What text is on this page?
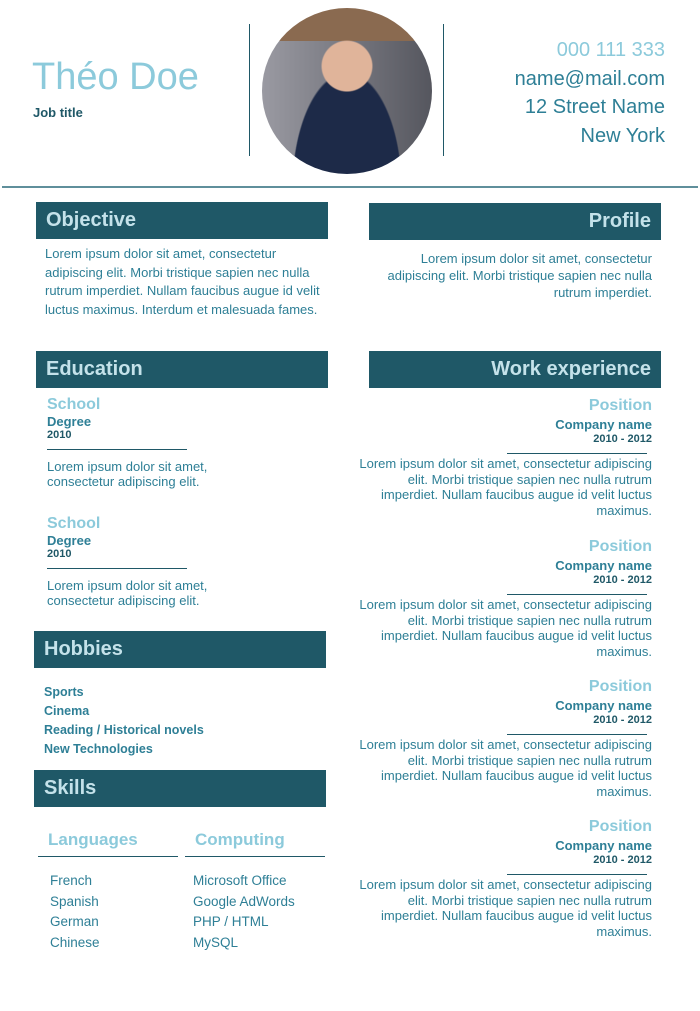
Théo Doe
Job title
000 111 333
name@mail.com
12 Street Name
New York
Objective
Lorem ipsum dolor sit amet, consectetur adipiscing elit. Morbi tristique sapien nec nulla rutrum imperdiet. Nullam faucibus augue id velit luctus maximus. Interdum et malesuada fames.
Profile
Lorem ipsum dolor sit amet, consectetur adipiscing elit. Morbi tristique sapien nec nulla rutrum imperdiet.
Education
School
Degree
2010
Lorem ipsum dolor sit amet, consectetur adipiscing elit.
School
Degree
2010
Lorem ipsum dolor sit amet, consectetur adipiscing elit.
Hobbies
Sports
Cinema
Reading / Historical novels
New Technologies
Skills
Languages
French
Spanish
German
Chinese
Computing
Microsoft Office
Google AdWords
PHP / HTML
MySQL
Work experience
Position
Company name
2010 - 2012
Lorem ipsum dolor sit amet, consectetur adipiscing elit. Morbi tristique sapien nec nulla rutrum imperdiet. Nullam faucibus augue id velit luctus maximus.
Position
Company name
2010 - 2012
Lorem ipsum dolor sit amet, consectetur adipiscing elit. Morbi tristique sapien nec nulla rutrum imperdiet. Nullam faucibus augue id velit luctus maximus.
Position
Company name
2010 - 2012
Lorem ipsum dolor sit amet, consectetur adipiscing elit. Morbi tristique sapien nec nulla rutrum imperdiet. Nullam faucibus augue id velit luctus maximus.
Position
Company name
2010 - 2012
Lorem ipsum dolor sit amet, consectetur adipiscing elit. Morbi tristique sapien nec nulla rutrum imperdiet. Nullam faucibus augue id velit luctus maximus.
